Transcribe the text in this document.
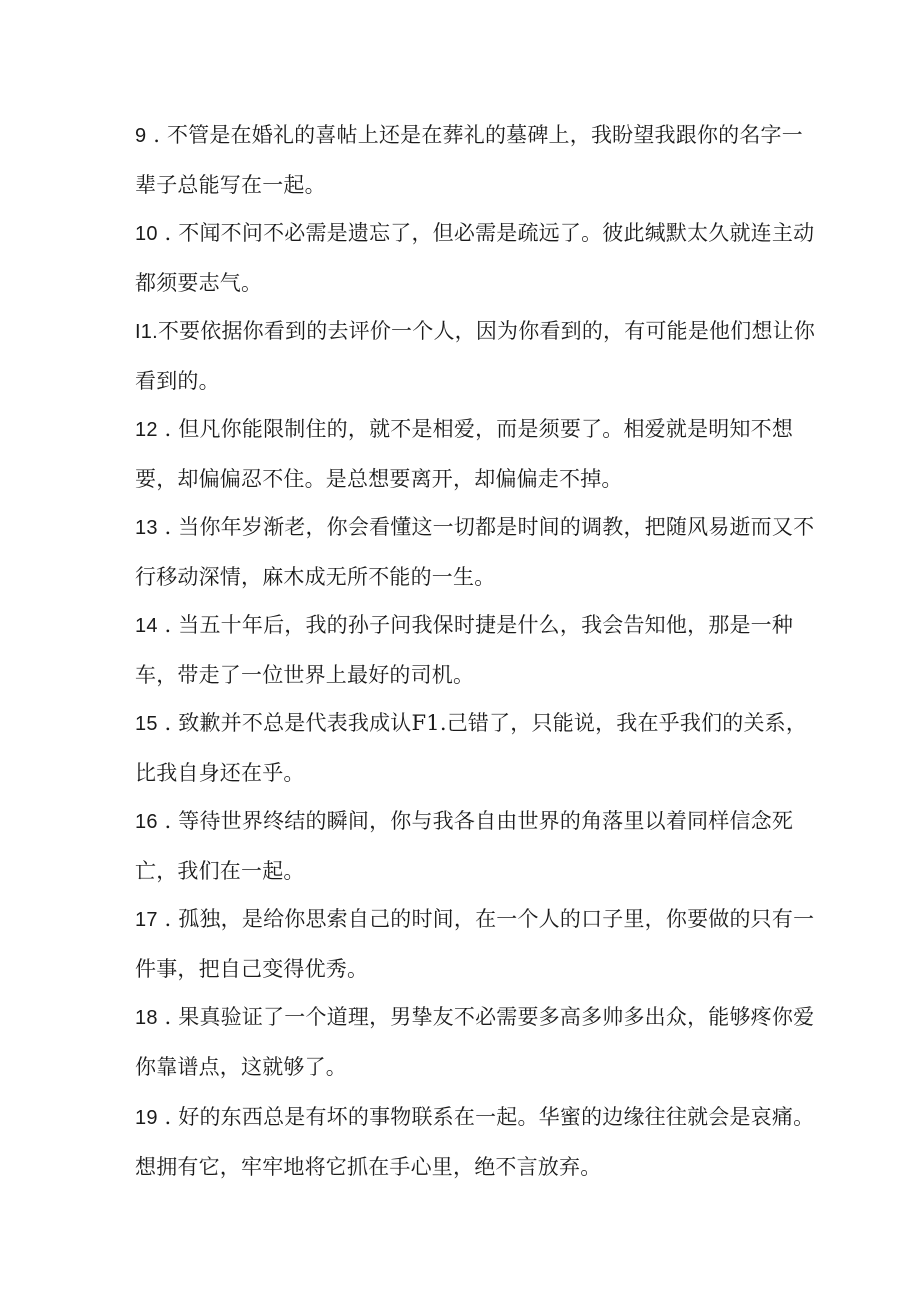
9 . 不管是在婚礼的喜帖上还是在葬礼的墓碑上，我盼望我跟你的名字一
辈子总能写在一起。
10 . 不闻不问不必需是遗忘了，但必需是疏远了。彼此缄默太久就连主动
都须要志气。
I1.不要依据你看到的去评价一个人，因为你看到的，有可能是他们想让你
看到的。
12 . 但凡你能限制住的，就不是相爱，而是须要了。相爱就是明知不想
要，却偏偏忍不住。是总想要离开，却偏偏走不掉。
13 . 当你年岁渐老，你会看懂这一切都是时间的调教，把随风易逝而又不
行移动深情，麻木成无所不能的一生。
14 . 当五十年后，我的孙子问我保时捷是什么，我会告知他，那是一种
车，带走了一位世界上最好的司机。
15 . 致歉并不总是代表我成认F1.己错了，只能说，我在乎我们的关系，
比我自身还在乎。
16 . 等待世界终结的瞬间，你与我各自由世界的角落里以着同样信念死
亡，我们在一起。
17 . 孤独，是给你思索自己的时间，在一个人的口子里，你要做的只有一
件事，把自己变得优秀。
18 . 果真验证了一个道理，男挚友不必需要多高多帅多出众，能够疼你爱
你靠谱点，这就够了。
19 . 好的东西总是有坏的事物联系在一起。华蜜的边缘往往就会是哀痛。
想拥有它，牢牢地将它抓在手心里，绝不言放弃。
